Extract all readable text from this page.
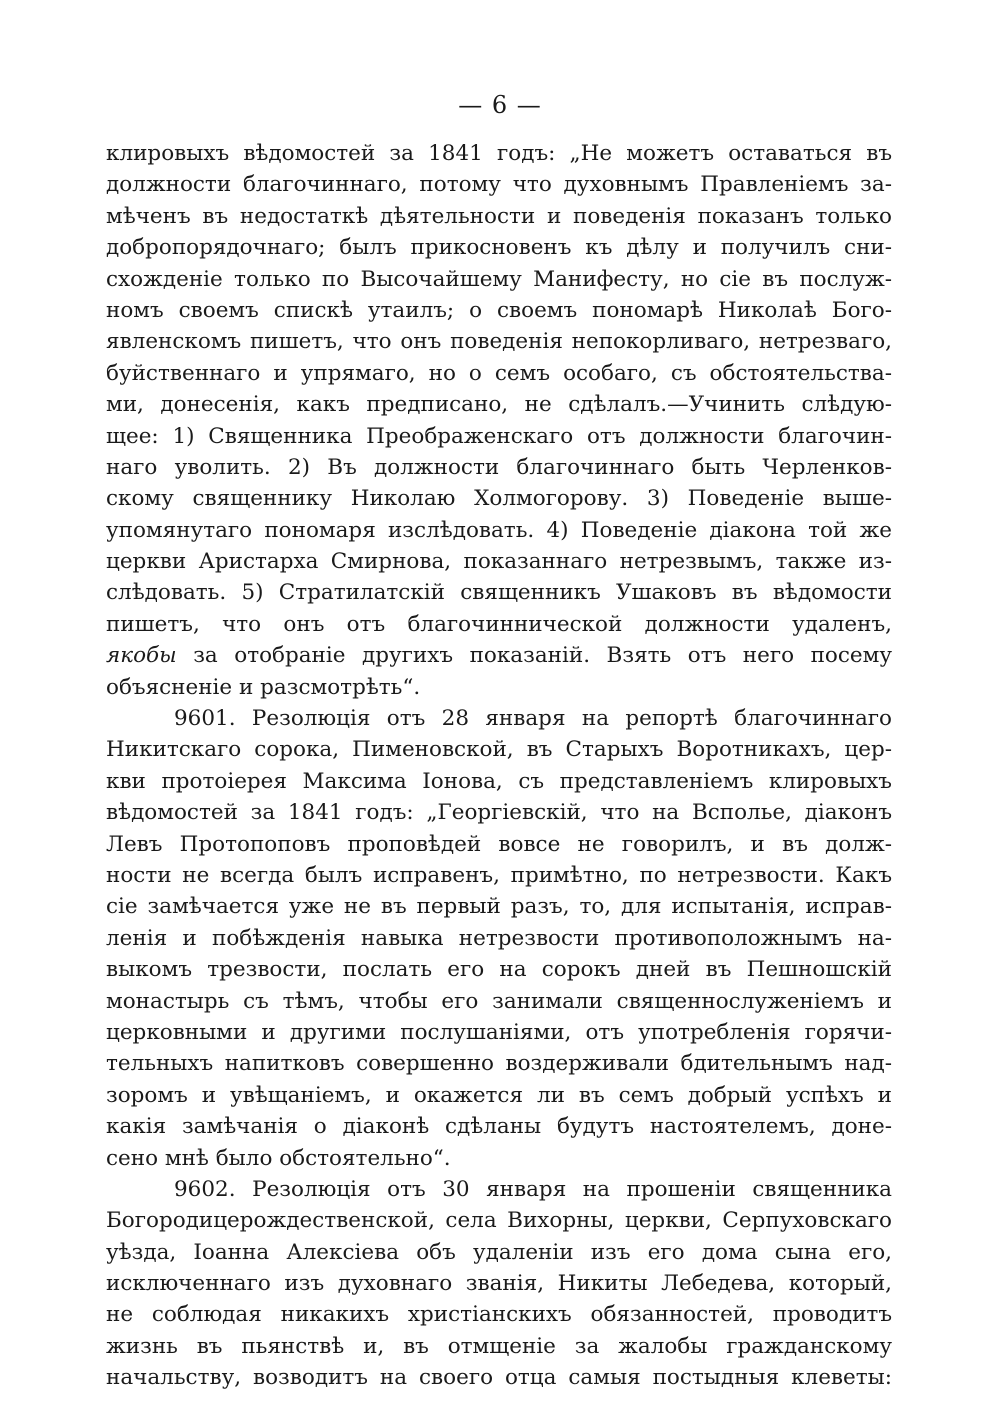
— 6 —
клировыхъ вѣдомостей за 1841 годъ: „Не можетъ оставаться въ
должности благочиннаго, потому что духовнымъ Правленіемъ за-
мѣченъ въ недостаткѣ дѣятельности и поведенія показанъ только
добропорядочнаго; былъ прикосновенъ къ дѣлу и получилъ сни-
схожденіе только по Высочайшему Манифесту, но сіе въ послуж-
номъ своемъ спискѣ утаилъ; о своемъ пономарѣ Николаѣ Бого-
явленскомъ пишетъ, что онъ поведенія непокорливаго, нетрезваго,
буйственнаго и упрямаго, но о семъ особаго, съ обстоятельства-
ми, донесенія, какъ предписано, не сдѣлалъ.—Учинить слѣдую-
щее: 1) Священника Преображенскаго отъ должности благочин-
наго уволить. 2) Въ должности благочиннаго быть Черленков-
скому священнику Николаю Холмогорову. 3) Поведеніе выше-
упомянутаго пономаря изслѣдовать. 4) Поведеніе діакона той же
церкви Аристарха Смирнова, показаннаго нетрезвымъ, также из-
слѣдовать. 5) Стратилатскій священникъ Ушаковъ въ вѣдомости
пишетъ, что онъ отъ благочиннической должности удаленъ,
якобы за отобраніе другихъ показаній. Взять отъ него посему
объясненіе и разсмотрѣть“.
9601. Резолюція отъ 28 января на репортѣ благочиннаго
Никитскаго сорока, Пименовской, въ Старыхъ Воротникахъ, цер-
кви протоіерея Максима Іонова, съ представленіемъ клировыхъ
вѣдомостей за 1841 годъ: „Георгіевскій, что на Всполье, діаконъ
Левъ Протопоповъ проповѣдей вовсе не говорилъ, и въ долж-
ности не всегда былъ исправенъ, примѣтно, по нетрезвости. Какъ
сіе замѣчается уже не въ первый разъ, то, для испытанія, исправ-
ленія и побѣжденія навыка нетрезвости противоположнымъ на-
выкомъ трезвости, послать его на сорокъ дней въ Пешношскій
монастырь съ тѣмъ, чтобы его занимали священнослуженіемъ и
церковными и другими послушаніями, отъ употребленія горячи-
тельныхъ напитковъ совершенно воздерживали бдительнымъ над-
зоромъ и увѣщаніемъ, и окажется ли въ семъ добрый успѣхъ и
какія замѣчанія о діаконѣ сдѣланы будутъ настоятелемъ, доне-
сено мнѣ было обстоятельно“.
9602. Резолюція отъ 30 января на прошеніи священника
Богородицерождественской, села Вихорны, церкви, Серпуховскаго
уѣзда, Іоанна Алексіева объ удаленіи изъ его дома сына его,
исключеннаго изъ духовнаго званія, Никиты Лебедева, который,
не соблюдая никакихъ христіанскихъ обязанностей, проводитъ
жизнь въ пьянствѣ и, въ отмщеніе за жалобы гражданскому
начальству, возводитъ на своего отца самыя постыдныя клеветы:
